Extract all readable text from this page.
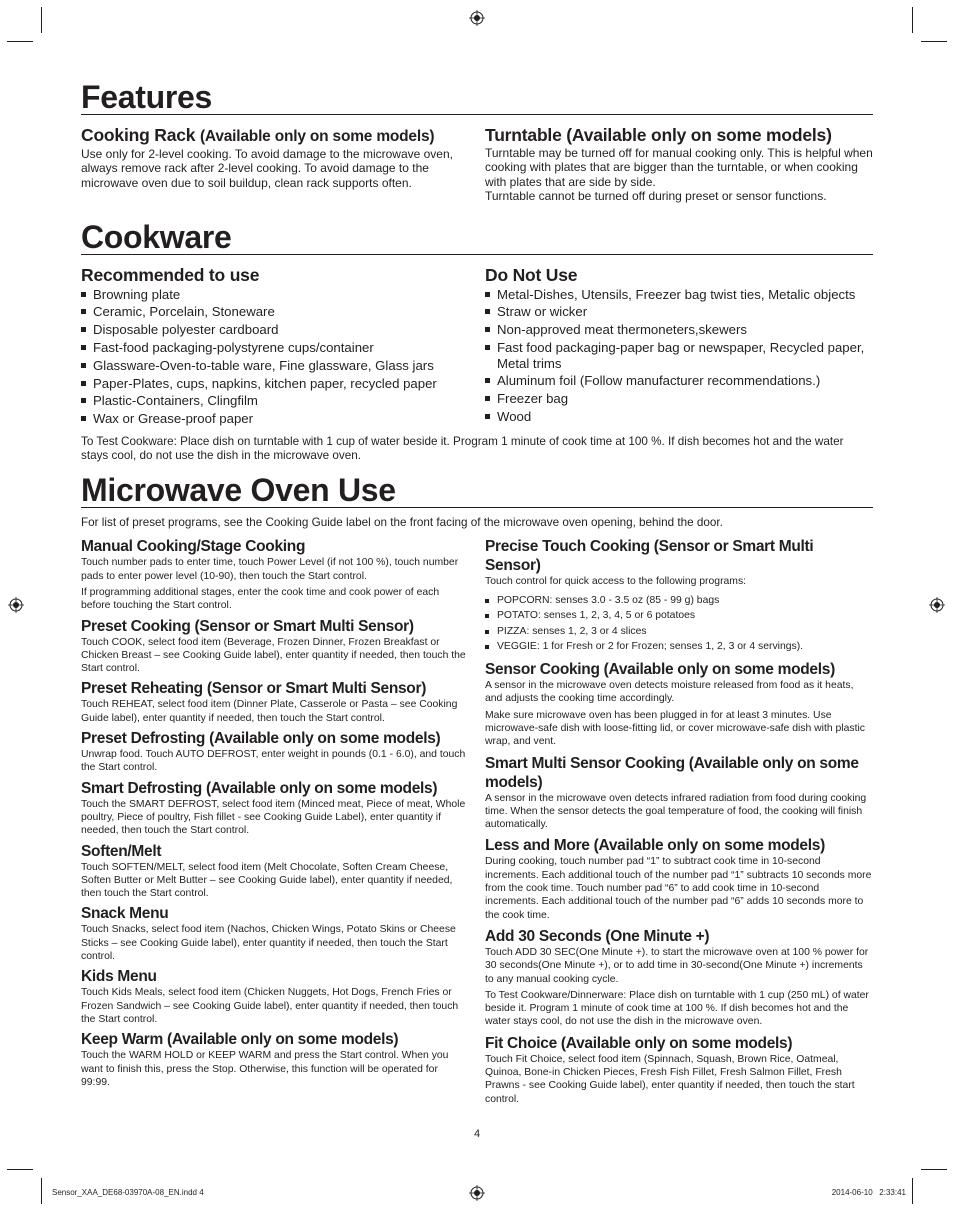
Features
Cooking Rack (Available only on some models)

Use only for 2-level cooking. To avoid damage to the microwave oven, always remove rack after 2-level cooking. To avoid damage to the microwave oven due to soil buildup, clean rack supports often.

Turntable (Available only on some models)

Turntable may be turned off for manual cooking only. This is helpful when cooking with plates that are bigger than the turntable, or when cooking with plates that are side by side.

Turntable cannot be turned off during preset or sensor functions.

Cookware
Recommended to use
Browning plate
Ceramic, Porcelain, Stoneware
Disposable polyester cardboard
Fast-food packaging-polystyrene cups/container
Glassware-Oven-to-table ware, Fine glassware, Glass jars
Paper-Plates, cups, napkins, kitchen paper, recycled paper
Plastic-Containers, Clingfilm
Wax or Grease-proof paper
Do Not Use
Metal-Dishes, Utensils, Freezer bag twist ties, Metalic objects
Straw or wicker
Non-approved meat thermoneters,skewers
Fast food packaging-paper bag or newspaper, Recycled paper, Metal trims
Aluminum foil (Follow manufacturer recommendations.)
Freezer bag
Wood

To Test Cookware: Place dish on turntable with 1 cup of water beside it. Program 1 minute of cook time at 100 %. If dish becomes hot and the water stays cool, do not use the dish in the microwave oven.

Microwave Oven Use

For list of preset programs, see the Cooking Guide label on the front facing of the microwave oven opening, behind the door.

Manual Cooking/Stage Cooking

Touch number pads to enter time, touch Power Level (if not 100 %), touch number pads to enter power level (10-90), then touch the Start control.

If programming additional stages, enter the cook time and cook power of each before touching the Start control.

Preset Cooking (Sensor or Smart Multi Sensor)

Touch COOK, select food item (Beverage, Frozen Dinner, Frozen Breakfast or Chicken Breast – see Cooking Guide label), enter quantity if needed, then touch the Start control.

Preset Reheating (Sensor or Smart Multi Sensor)

Touch REHEAT, select food item (Dinner Plate, Casserole or Pasta – see Cooking Guide label), enter quantity if needed, then touch the Start control.

Preset Defrosting (Available only on some models)

Unwrap food. Touch AUTO DEFROST, enter weight in pounds (0.1 - 6.0), and touch the Start control.

Smart Defrosting (Available only on some models)

Touch the SMART DEFROST, select food item (Minced meat, Piece of meat, Whole poultry, Piece of poultry, Fish fillet - see Cooking Guide Label), enter quantity if needed, then touch the Start control.

Soften/Melt

Touch SOFTEN/MELT, select food item (Melt Chocolate, Soften Cream Cheese, Soften Butter or Melt Butter – see Cooking Guide label), enter quantity if needed, then touch the Start control.

Snack Menu

Touch Snacks, select food item (Nachos, Chicken Wings, Potato Skins or Cheese Sticks – see Cooking Guide label), enter quantity if needed, then touch the Start control.

Kids Menu

Touch Kids Meals, select food item (Chicken Nuggets, Hot Dogs, French Fries or Frozen Sandwich – see Cooking Guide label), enter quantity if needed, then touch the Start control.

Keep Warm (Available only on some models)

Touch the WARM HOLD or KEEP WARM and press the Start control. When you want to finish this, press the Stop. Otherwise, this function will be operated for 99:99.

Precise Touch Cooking (Sensor or Smart Multi Sensor)

Touch control for quick access to the following programs:

POPCORN: senses 3.0 - 3.5 oz (85 - 99 g) bags
POTATO: senses 1, 2, 3, 4, 5 or 6 potatoes
PIZZA: senses 1, 2, 3 or 4 slices
VEGGIE: 1 for Fresh or 2 for Frozen; senses 1, 2, 3 or 4 servings).
Sensor Cooking (Available only on some models)

A sensor in the microwave oven detects moisture released from food as it heats, and adjusts the cooking time accordingly.

Make sure microwave oven has been plugged in for at least 3 minutes. Use microwave-safe dish with loose-fitting lid, or cover microwave-safe dish with plastic wrap, and vent.

Smart Multi Sensor Cooking (Available only on some models)

A sensor in the microwave oven detects infrared radiation from food during cooking time. When the sensor detects the goal temperature of food, the cooking will finish automatically.

Less and More (Available only on some models)

During cooking, touch number pad “1” to subtract cook time in 10-second increments. Each additional touch of the number pad “1” subtracts 10 seconds more from the cook time. Touch number pad “6” to add cook time in 10-second increments. Each additional touch of the number pad “6” adds 10 seconds more to the cook time.

Add 30 Seconds (One Minute +)

Touch ADD 30 SEC(One Minute +). to start the microwave oven at 100 % power for 30 seconds(One Minute +), or to add time in 30-second(One Minute +) increments to any manual cooking cycle.

To Test Cookware/Dinnerware: Place dish on turntable with 1 cup (250 mL) of water beside it. Program 1 minute of cook time at 100 %. If dish becomes hot and the water stays cool, do not use the dish in the microwave oven.

Fit Choice (Available only on some models)

Touch Fit Choice, select food item (Spinnach, Squash, Brown Rice, Oatmeal, Quinoa, Bone-in Chicken Pieces, Fresh Fish Fillet, Fresh Salmon Fillet, Fresh Prawns - see Cooking Guide label), enter quantity if needed, then touch the start control.

4
Sensor_XAA_DE68-03970A-08_EN.indd 4	2014-06-10   2:33:41
